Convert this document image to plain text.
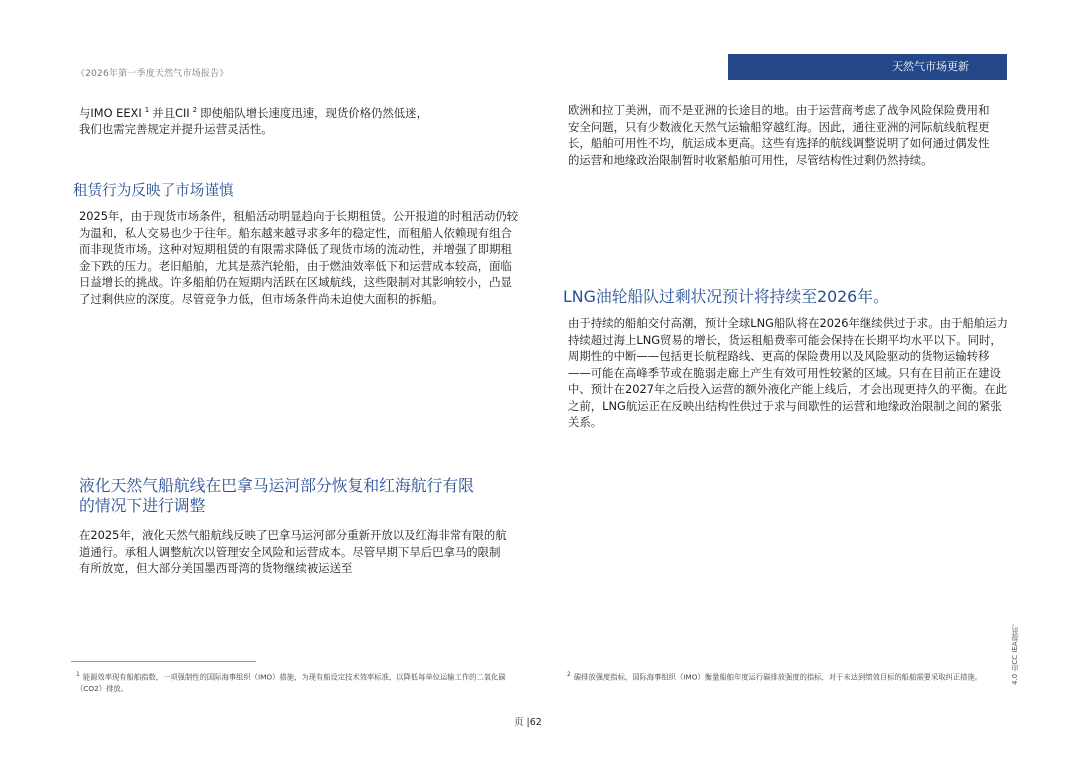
《2026年第一季度天然气市场报告》
天然气市场更新

与IMO EEXI $^1$ 并且CII $^2$ 即使船队增长速度迅速，现货价格仍然低迷，
我们也需完善规定并提升运营灵活性。

租赁行为反映了市场谨慎

2025年，由于现货市场条件，租船活动明显趋向于长期租赁。公开报道的时租活动仍较为温和，私人交易也少于往年。船东越来越寻求多年的稳定性，而租船人依赖现有组合而非现货市场。这种对短期租赁的有限需求降低了现货市场的流动性，并增强了即期租金下跌的压力。老旧船舶，尤其是蒸汽轮船，由于燃油效率低下和运营成本较高，面临日益增长的挑战。许多船舶仍在短期内活跃在区域航线，这些限制对其影响较小，凸显了过剩供应的深度。尽管竞争力低，但市场条件尚未迫使大面积的拆船。

液化天然气船航线在巴拿马运河部分恢复和红海航行有限
的情况下进行调整

在2025年，液化天然气船航线反映了巴拿马运河部分重新开放以及红海非常有限的航道通行。承租人调整航次以管理安全风险和运营成本。尽管早期下旱后巴拿马的限制有所放宽，但大部分美国墨西哥湾的货物继续被运送至

欧洲和拉丁美洲，而不是亚洲的长途目的地。由于运营商考虑了战争风险保险费用和安全问题，只有少数液化天然气运输船穿越红海。因此，通往亚洲的河际航线航程更长，船舶可用性不均，航运成本更高。这些有选择的航线调整说明了如何通过偶发性的运营和地缘政治限制暂时收紧船舶可用性，尽管结构性过剩仍然持续。

LNG油轮船队过剩状况预计将持续至2026年。

由于持续的船舶交付高潮，预计全球LNG船队将在2026年继续供过于求。由于船舶运力持续超过海上LNG贸易的增长，货运租船费率可能会保持在长期平均水平以下。同时，周期性的中断——包括更长航程路线、更高的保险费用以及风险驱动的货物运输转移——可能在高峰季节或在脆弱走廊上产生有效可用性较紧的区域。只有在目前正在建设中、预计在2027年之后投入运营的额外液化产能上线后，才会出现更持久的平衡。在此之前，LNG航运正在反映出结构性供过于求与间歇性的运营和地缘政治限制之间的紧张关系。

$^1$ 能源效率现有船舶指数，一项强制性的国际海事组织（IMO）措施，为现有船设定技术效率标准，以降低每单位运输工作的二氧化碳（CO2）排放。
$^2$ 碳排放强度指标，国际海事组织（IMO）衡量船舶年度运行碳排放强度的指标，对于未达到绩效目标的船舶需要采取纠正措施。
页 |62
4.0 由CC IEA提供。
